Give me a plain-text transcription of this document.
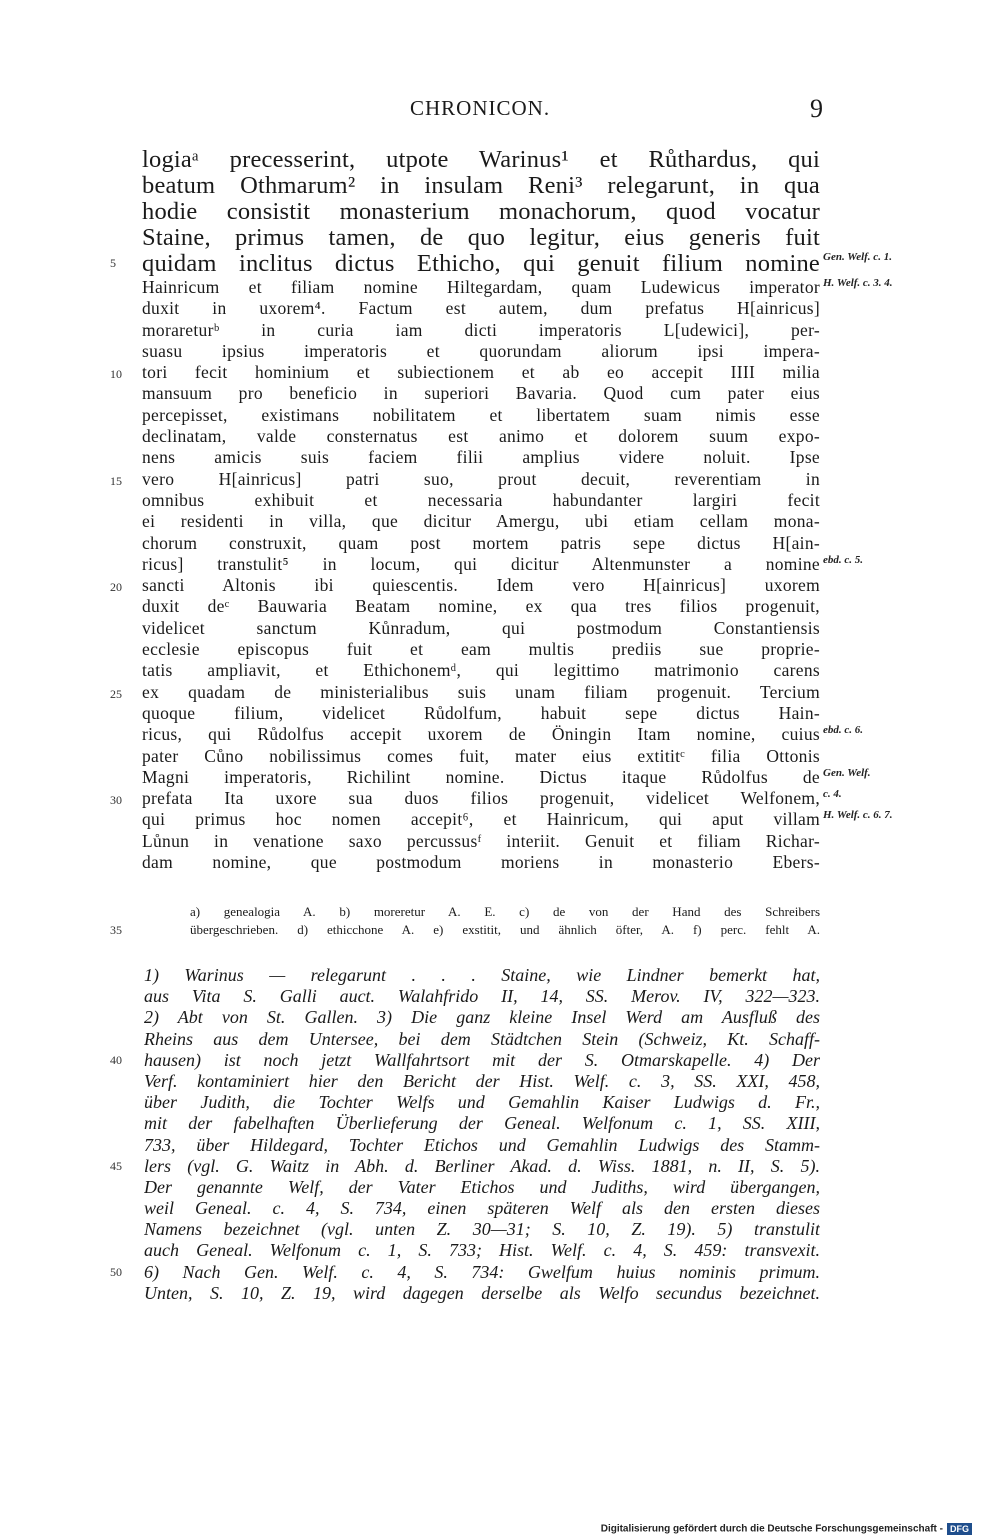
CHRONICON.	9
logiaᵃ precesserint, utpote Warinus¹ et Růthardus, qui
beatum Othmarum² in insulam Reni³ relegarunt, in qua
hodie consistit monasterium monachorum, quod vocatur
Staine, primus tamen, de quo legitur, eius generis fuit
5	quidam inclitus dictus Ethicho, qui genuit filium nomine Gen. Welf. c. 1.
Hainricum et filiam nomine Hiltegardam, quam Ludewicus imperator H. Welf. c. 3. 4.
duxit in uxorem⁴. Factum est autem, dum prefatus H[ainricus]
morareturᵇ in curia iam dicti imperatoris L[udewici], per-
suasu ipsius imperatoris et quorundam aliorum ipsi impera-
10	tori fecit hominium et subiectionem et ab eo accepit IIII milia
mansuum pro beneficio in superiori Bavaria. Quod cum pater eius
percepisset, existimans nobilitatem et libertatem suam nimis esse
declinatam, valde consternatus est animo et dolorem suum expo-
nens amicis suis faciem filii amplius videre noluit. Ipse
15	vero H[ainricus] patri suo, prout decuit, reverentiam in
omnibus exhibuit et necessaria habundanter largiri fecit
ei residenti in villa, que dicitur Amergu, ubi etiam cellam mona-
chorum construxit, quam post mortem patris sepe dictus H[ain-
ricus] transtulit⁵ in locum, qui dicitur Altenmunster a nomine ebd. c. 5.
20	sancti Altonis ibi quiescentis. Idem vero H[ainricus] uxorem
duxit deᶜ Bauwaria Beatam nomine, ex qua tres filios progenuit,
videlicet sanctum Kůnradum, qui postmodum Constantiensis
ecclesie episcopus fuit et eam multis prediis sue proprie-
tatis ampliavit, et Ethichonemᵈ, qui legittimo matrimonio carens
25	ex quadam de ministerialibus suis unam filiam progenuit. Tercium
quoque filium, videlicet Růdolfum, habuit sepe dictus Hain-
ricus, qui Růdolfus accepit uxorem de Öningin Itam nomine, cuius ebd. c. 6.
pater Cůno nobilissimus comes fuit, mater eius extititᶜ filia Ottonis
Magni imperatoris, Richilint nomine. Dictus itaque Růdolfus de Gen. Welf.
30	prefata Ita uxore sua duos filios progenuit, videlicet Welfonem, c. 4.
qui primus hoc nomen accepit⁶, et Hainricum, qui aput villam H. Welf. c. 6. 7.
Lůnun in venatione saxo percussusᶠ interiit. Genuit et filiam Richar-
dam nomine, que postmodum moriens in monasterio Ebers-
a) genealogia A. b) moreretur A. E. c) de von der Hand des Schreibers
35	übergeschrieben. d) ethicchone A. e) exstitit, und ähnlich öfter, A. f) perc. fehlt A.
1) Warinus — relegarunt . . . Staine, wie Lindner bemerkt hat,
aus Vita S. Galli auct. Walahfrido II, 14, SS. Merov. IV, 322—323.
2) Abt von St. Gallen. 3) Die ganz kleine Insel Werd am Ausfluß des
Rheins aus dem Untersee, bei dem Städtchen Stein (Schweiz, Kt. Schaff-
40	hausen) ist noch jetzt Wallfahrtsort mit der S. Otmarskapelle. 4) Der
Verf. kontaminiert hier den Bericht der Hist. Welf. c. 3, SS. XXI, 458,
über Judith, die Tochter Welfs und Gemahlin Kaiser Ludwigs d. Fr.,
mit der fabelhaften Überlieferung der Geneal. Welfonum c. 1, SS. XIII,
733, über Hildegard, Tochter Etichos und Gemahlin Ludwigs des Stamm-
45	lers (vgl. G. Waitz in Abh. d. Berliner Akad. d. Wiss. 1881, n. II, S. 5).
Der genannte Welf, der Vater Etichos und Judiths, wird übergangen,
weil Geneal. c. 4, S. 734, einen späteren Welf als den ersten dieses
Namens bezeichnet (vgl. unten Z. 30—31; S. 10, Z. 19). 5) transtulit
auch Geneal. Welfonum c. 1, S. 733; Hist. Welf. c. 4, S. 459: transvexit.
50	6) Nach Gen. Welf. c. 4, S. 734: Gwelfum huius nominis primum.
Unten, S. 10, Z. 19, wird dagegen derselbe als Welfo secundus bezeichnet.
Digitalisierung gefördert durch die Deutsche Forschungsgemeinschaft - DFG
